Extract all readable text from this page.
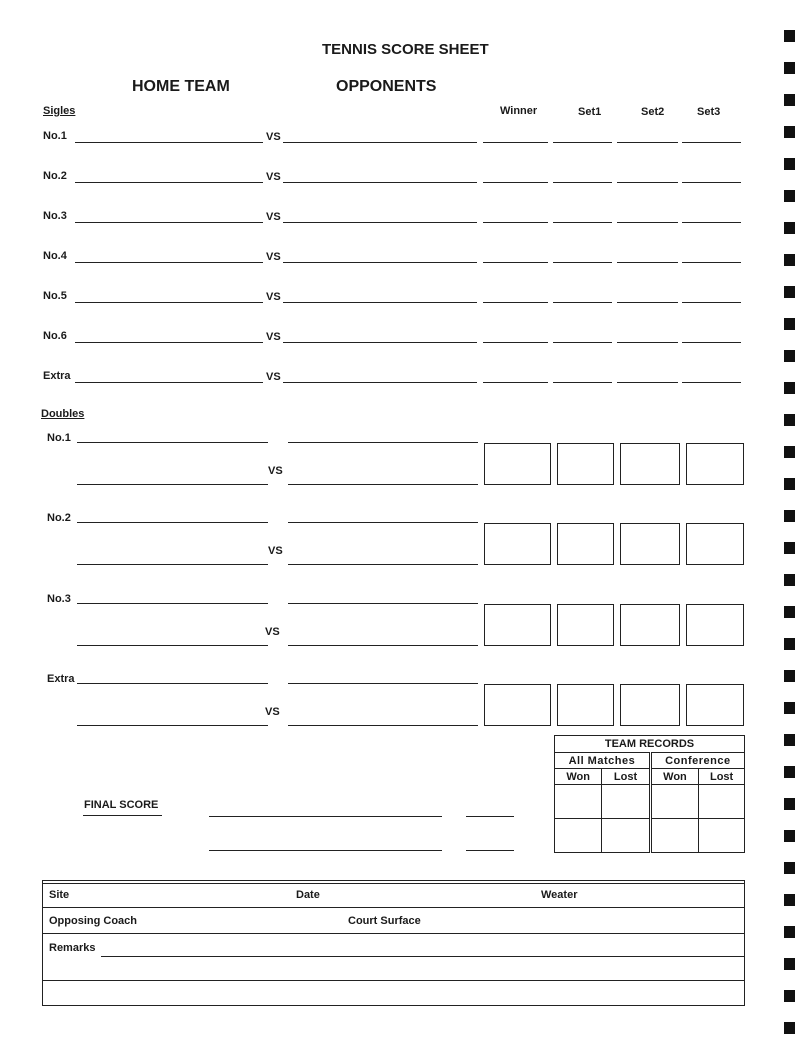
TENNIS SCORE SHEET
HOME TEAM	OPPONENTS
Sigles	Winner	Set1	Set2	Set3
No.1	VS
No.2	VS
No.3	VS
No.4	VS
No.5	VS
No.6	VS
Extra	VS
Doubles
No.1
VS
No.2
VS
No.3
VS
Extra
VS
TEAM RECORDS			
All Matches		Conference	
Won	Lost	Won	Lost

FINAL SCORE
Site	Date	Weater
Opposing Coach	Court Surface
Remarks
